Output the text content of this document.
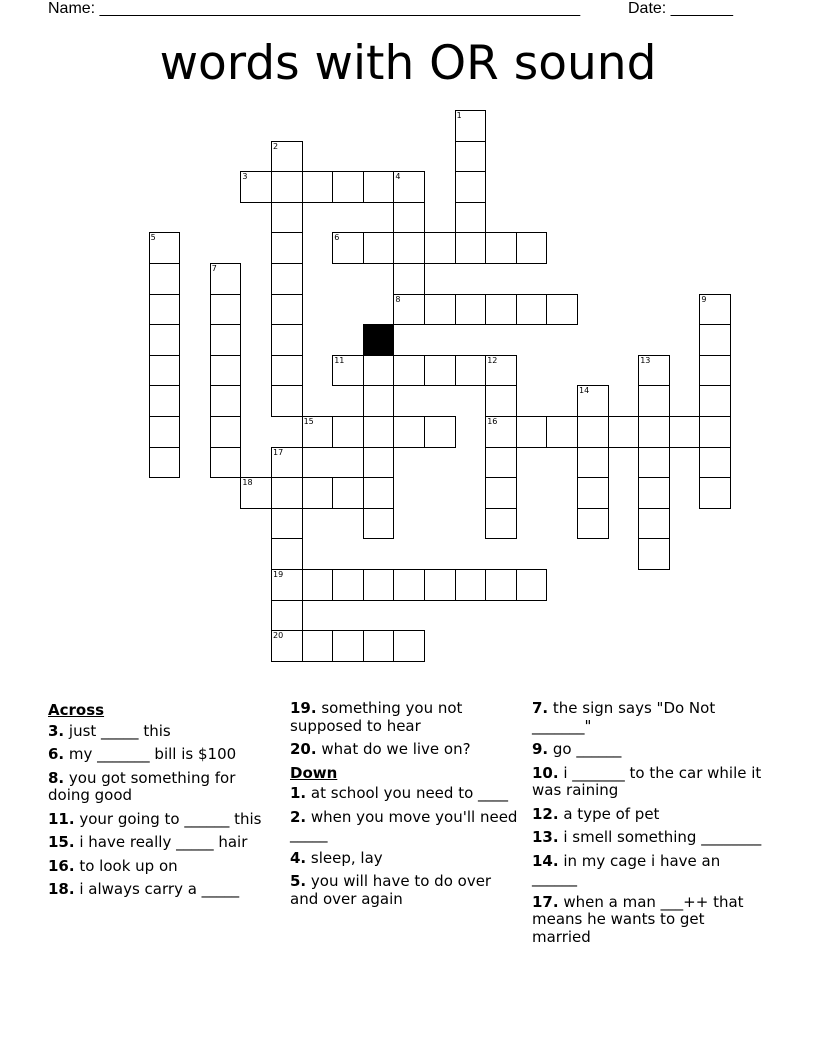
Name: ______________________________________________________	Date: _______
words with OR sound
1
2
3	4
8
5	6
7
9
10
11	12
16
13
14
15
17
19
20
18
Across
3. just _____ this
6. my _______ bill is $100
8. you got something for doing good
11. your going to ______ this
15. i have really _____ hair
16. to look up on
18. i always carry a _____
19. something you not supposed to hear
20. what do we live on?
Down
1. at school you need to ____
2. when you move you'll need _____
4. sleep, lay
5. you will have to do over and over again
7. the sign says "Do Not _______"
9. go ______
10. i _______ to the car while it was raining
12. a type of pet
13. i smell something ________
14. in my cage i have an ______
17. when a man ___++ that means he wants to get married
